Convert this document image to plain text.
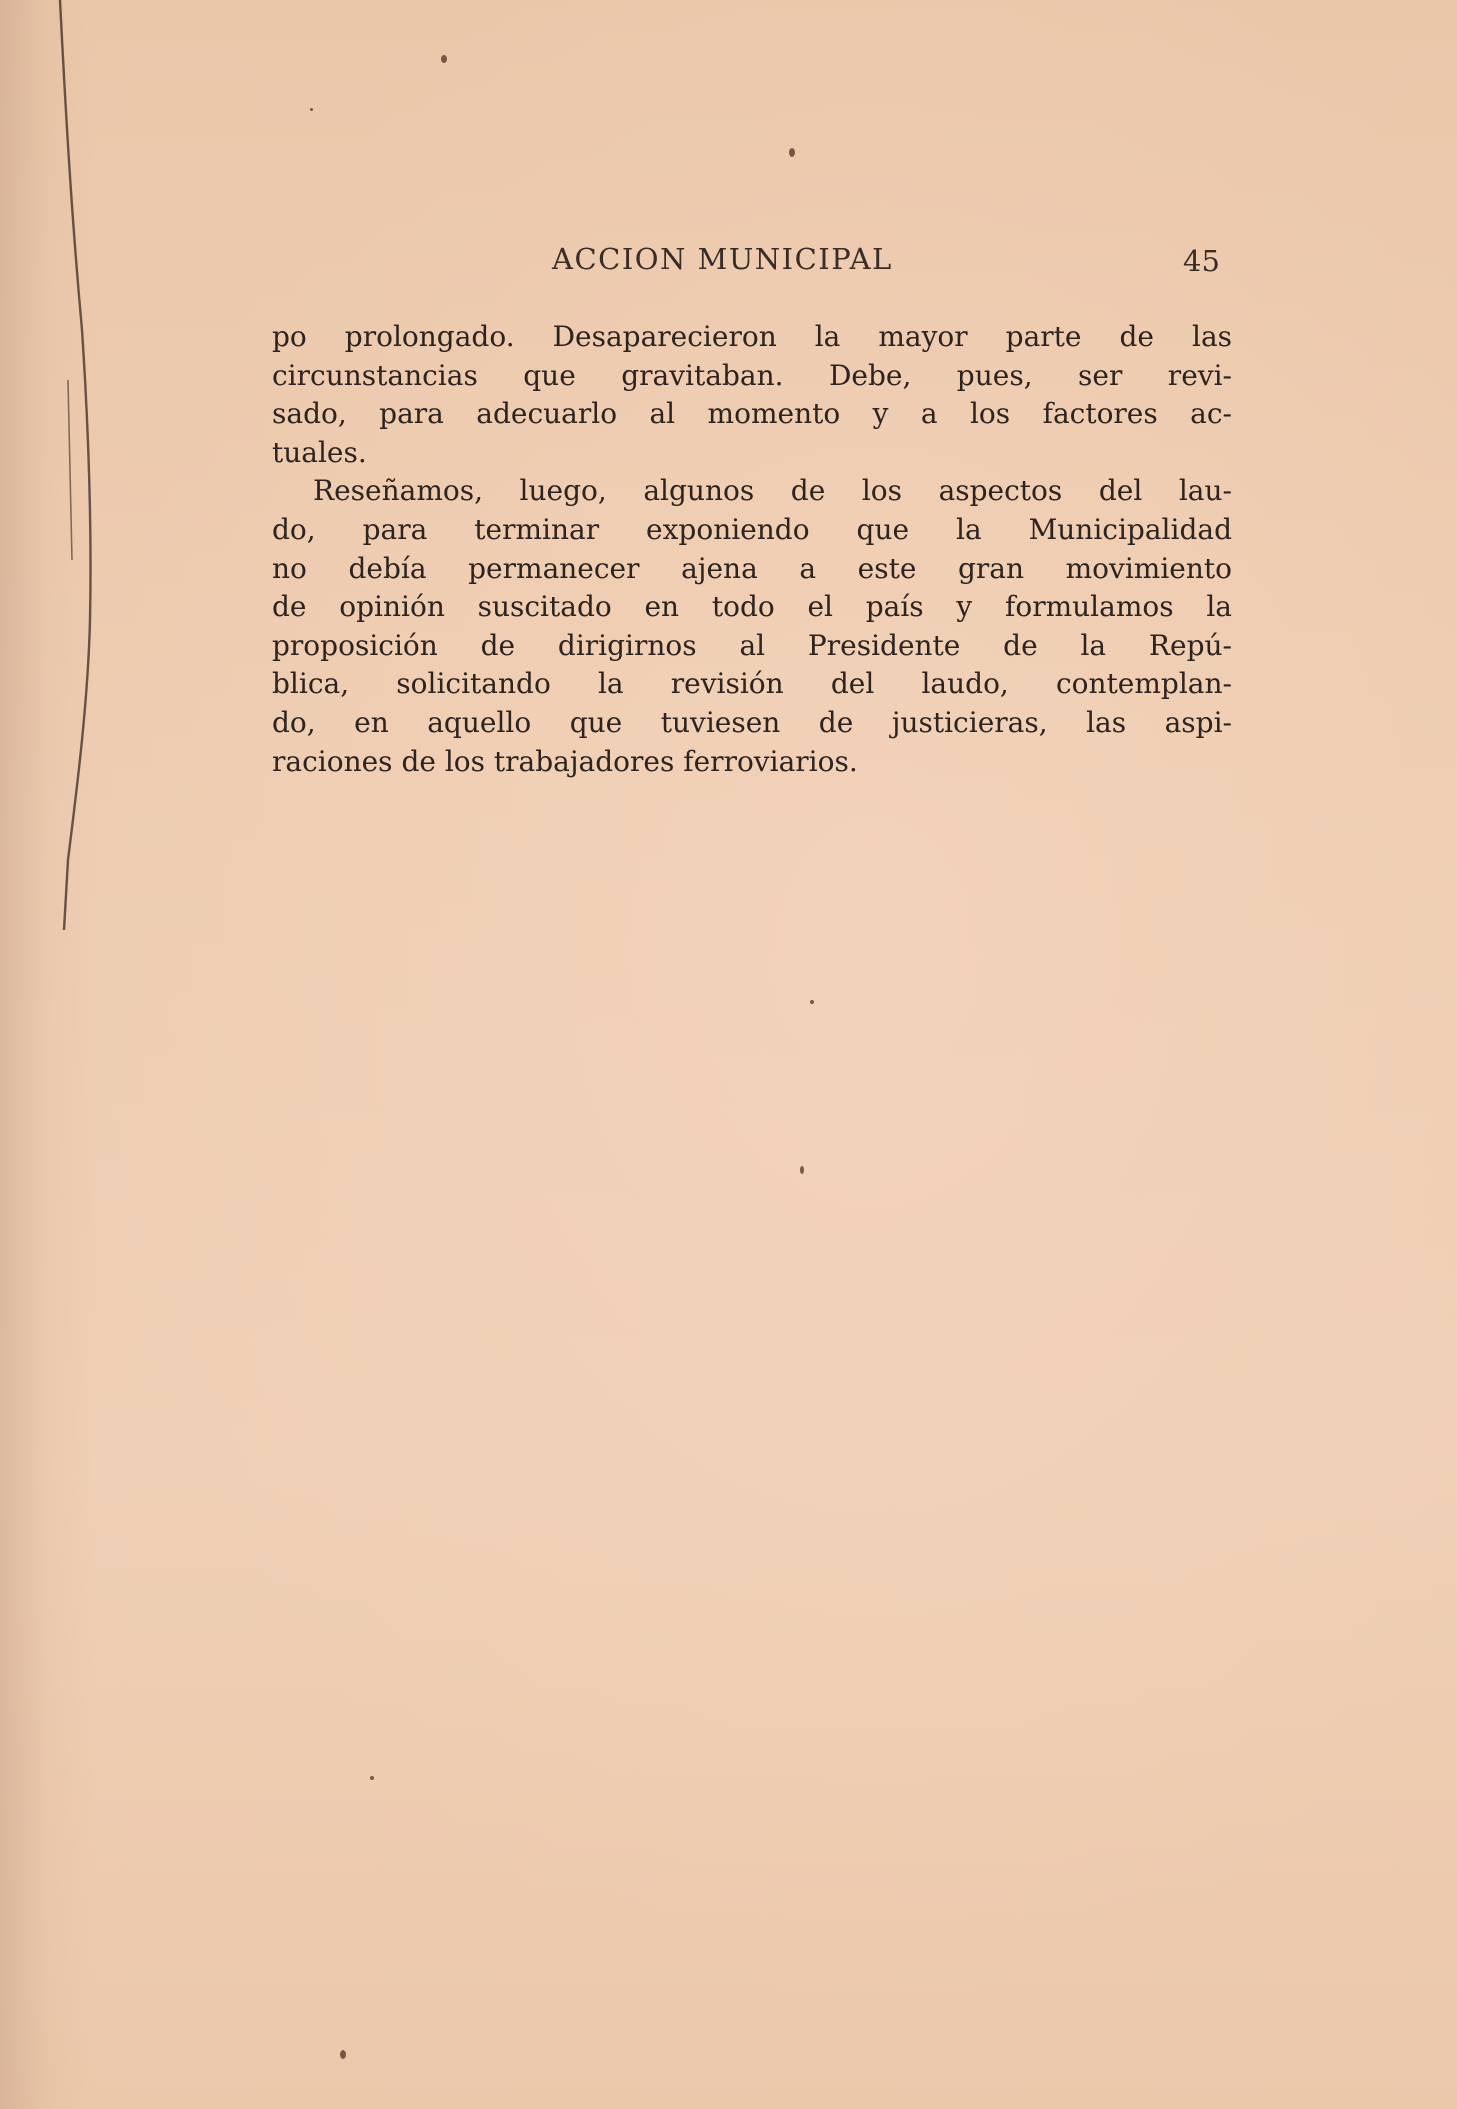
ACCION MUNICIPAL	45
po prolongado. Desaparecieron la mayor parte de las
circunstancias que gravitaban. Debe, pues, ser revi-
sado, para adecuarlo al momento y a los factores ac-
tuales.
Reseñamos, luego, algunos de los aspectos del lau-
do, para terminar exponiendo que la Municipalidad
no debía permanecer ajena a este gran movimiento
de opinión suscitado en todo el país y formulamos la
proposición de dirigirnos al Presidente de la Repú-
blica, solicitando la revisión del laudo, contemplan-
do, en aquello que tuviesen de justicieras, las aspi-
raciones de los trabajadores ferroviarios.
